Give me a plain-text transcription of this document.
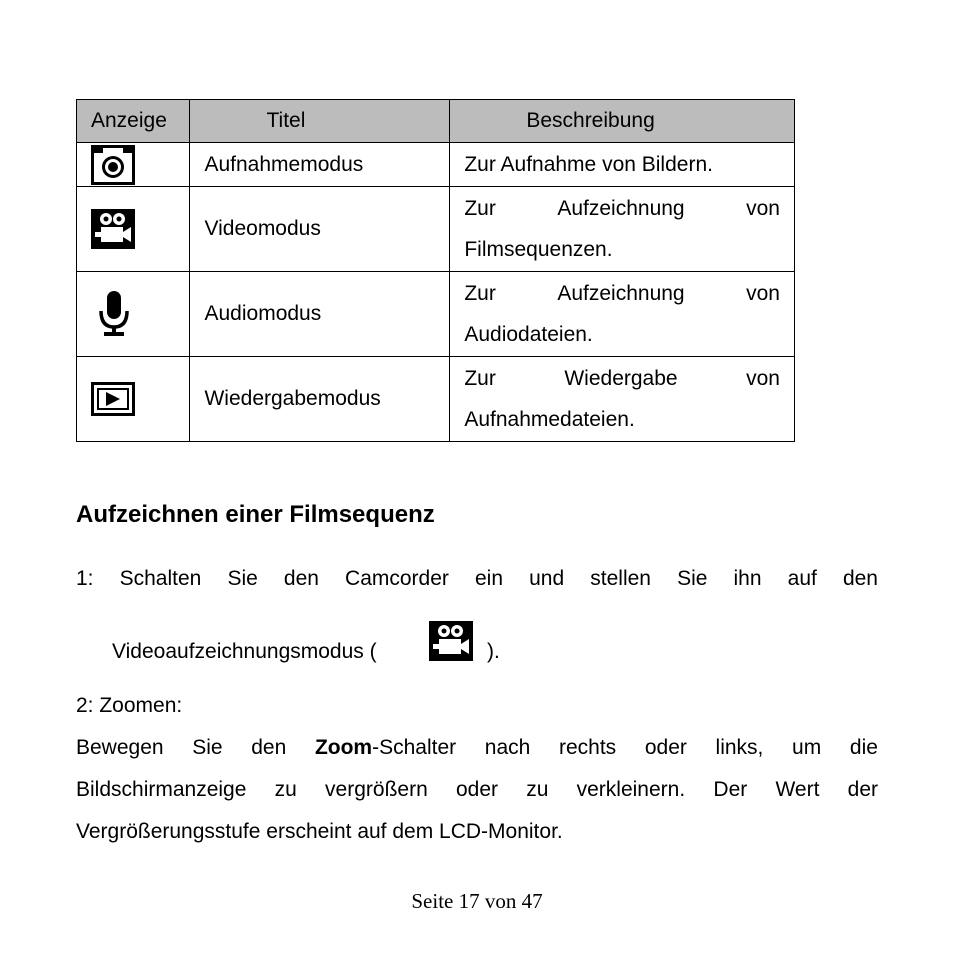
Anzeige	Titel	Beschreibung

	Aufnahmemodus	Zur Aufnahme von Bildern.

	Videomodus	Zur Aufzeichnung von
Filmsequenzen.

	Audiomodus	Zur Aufzeichnung von
Audiodateien.

	Wiedergabemodus	Zur Wiedergabe von
Aufnahmedateien.
Aufzeichnen einer Filmsequenz
1: Schalten Sie den Camcorder ein und stellen Sie ihn auf den
Videoaufzeichnungsmodus (	).
2: Zoomen:
Bewegen Sie den Zoom-Schalter nach rechts oder links, um die
Bildschirmanzeige zu vergrößern oder zu verkleinern. Der Wert der
Vergrößerungsstufe erscheint auf dem LCD-Monitor.
Seite 17 von 47
